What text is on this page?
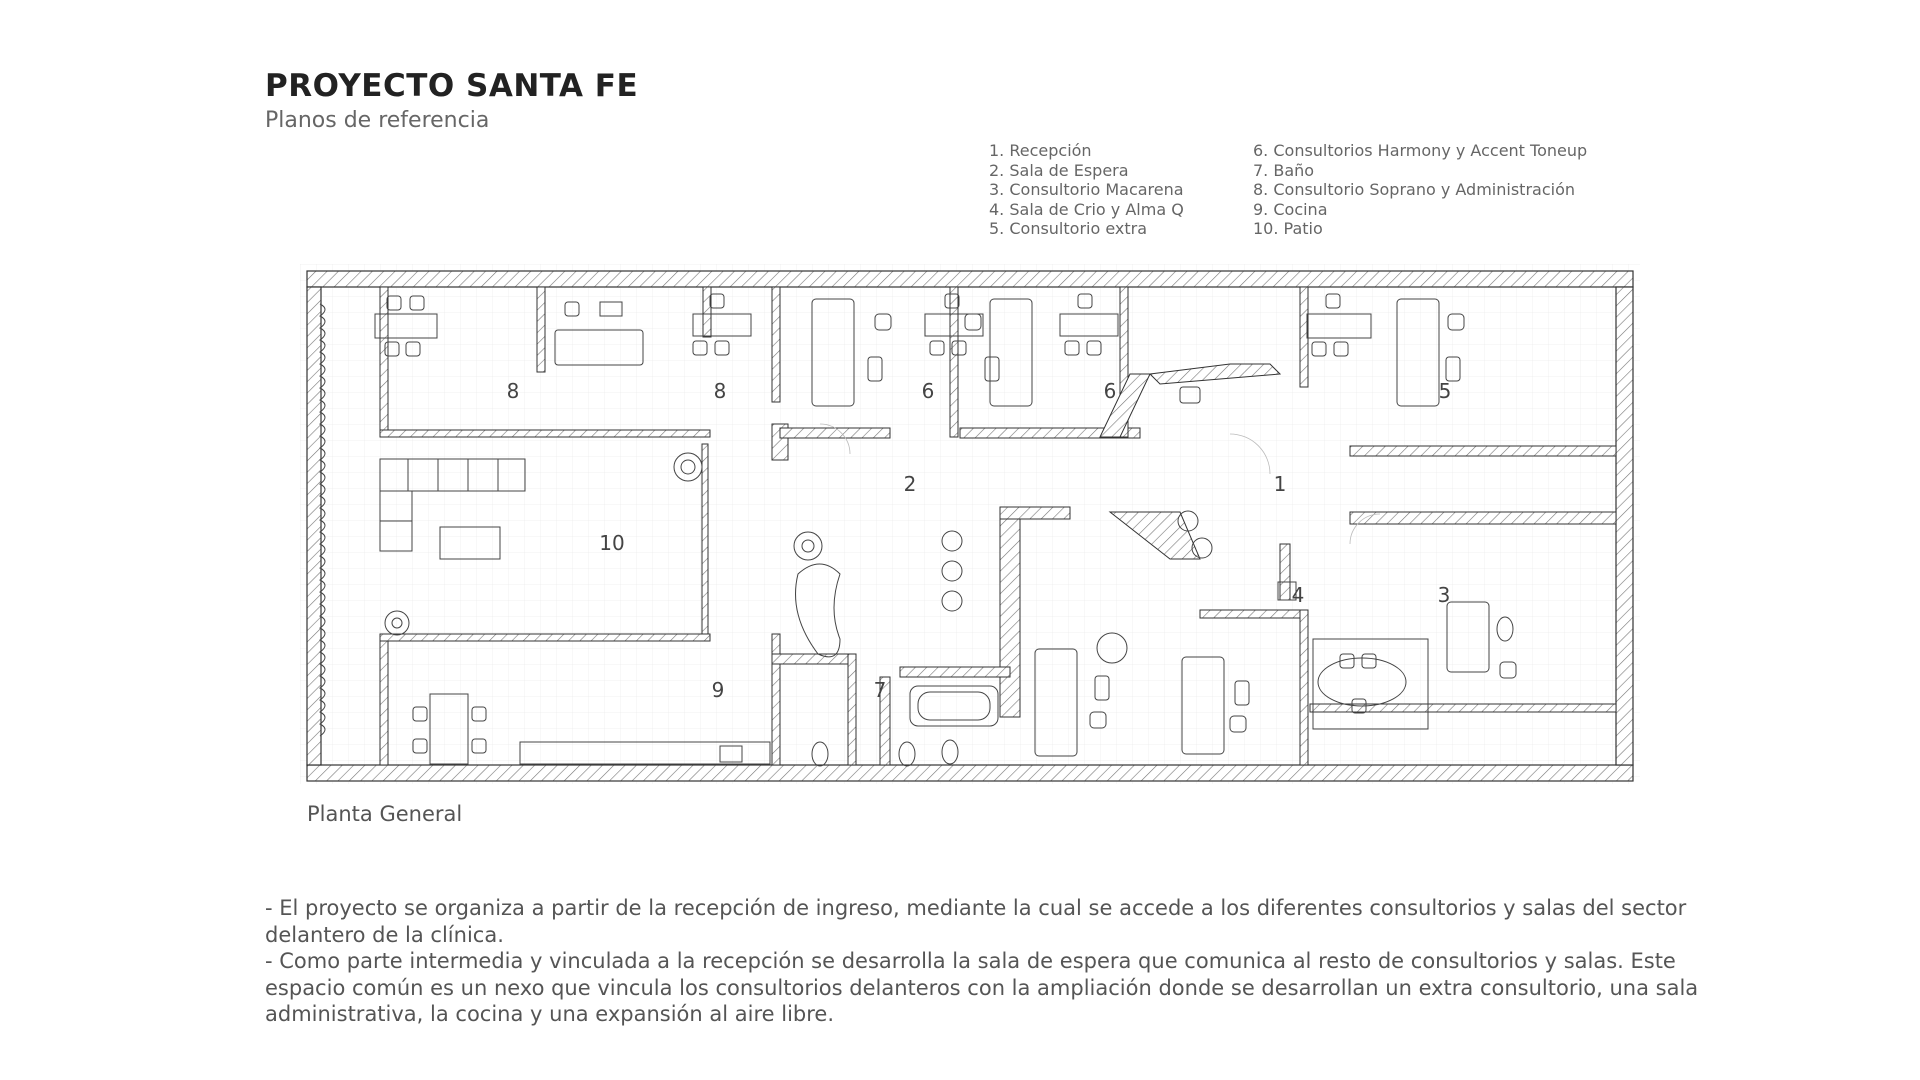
PROYECTO SANTA FE
Planos de referencia
1. Recepción
2. Sala de Espera
3. Consultorio Macarena
4. Sala de Crio y Alma Q
5. Consultorio extra
6. Consultorios Harmony y Accent Toneup
7. Baño
8. Consultorio Soprano y Administración
9. Cocina
10. Patio
1
2
3
4
5
6	6
7
8	8
9
10
Planta General

- El proyecto se organiza a partir de la recepción de ingreso, mediante la cual se accede a los diferentes consultorios y salas del sector delantero de la clínica.

- Como parte intermedia y vinculada a la recepción se desarrolla la sala de espera que comunica al resto de consultorios y salas. Este espacio común es un nexo que vincula los consultorios delanteros con la ampliación donde se desarrollan un extra consultorio, una sala administrativa, la cocina y una expansión al aire libre.
